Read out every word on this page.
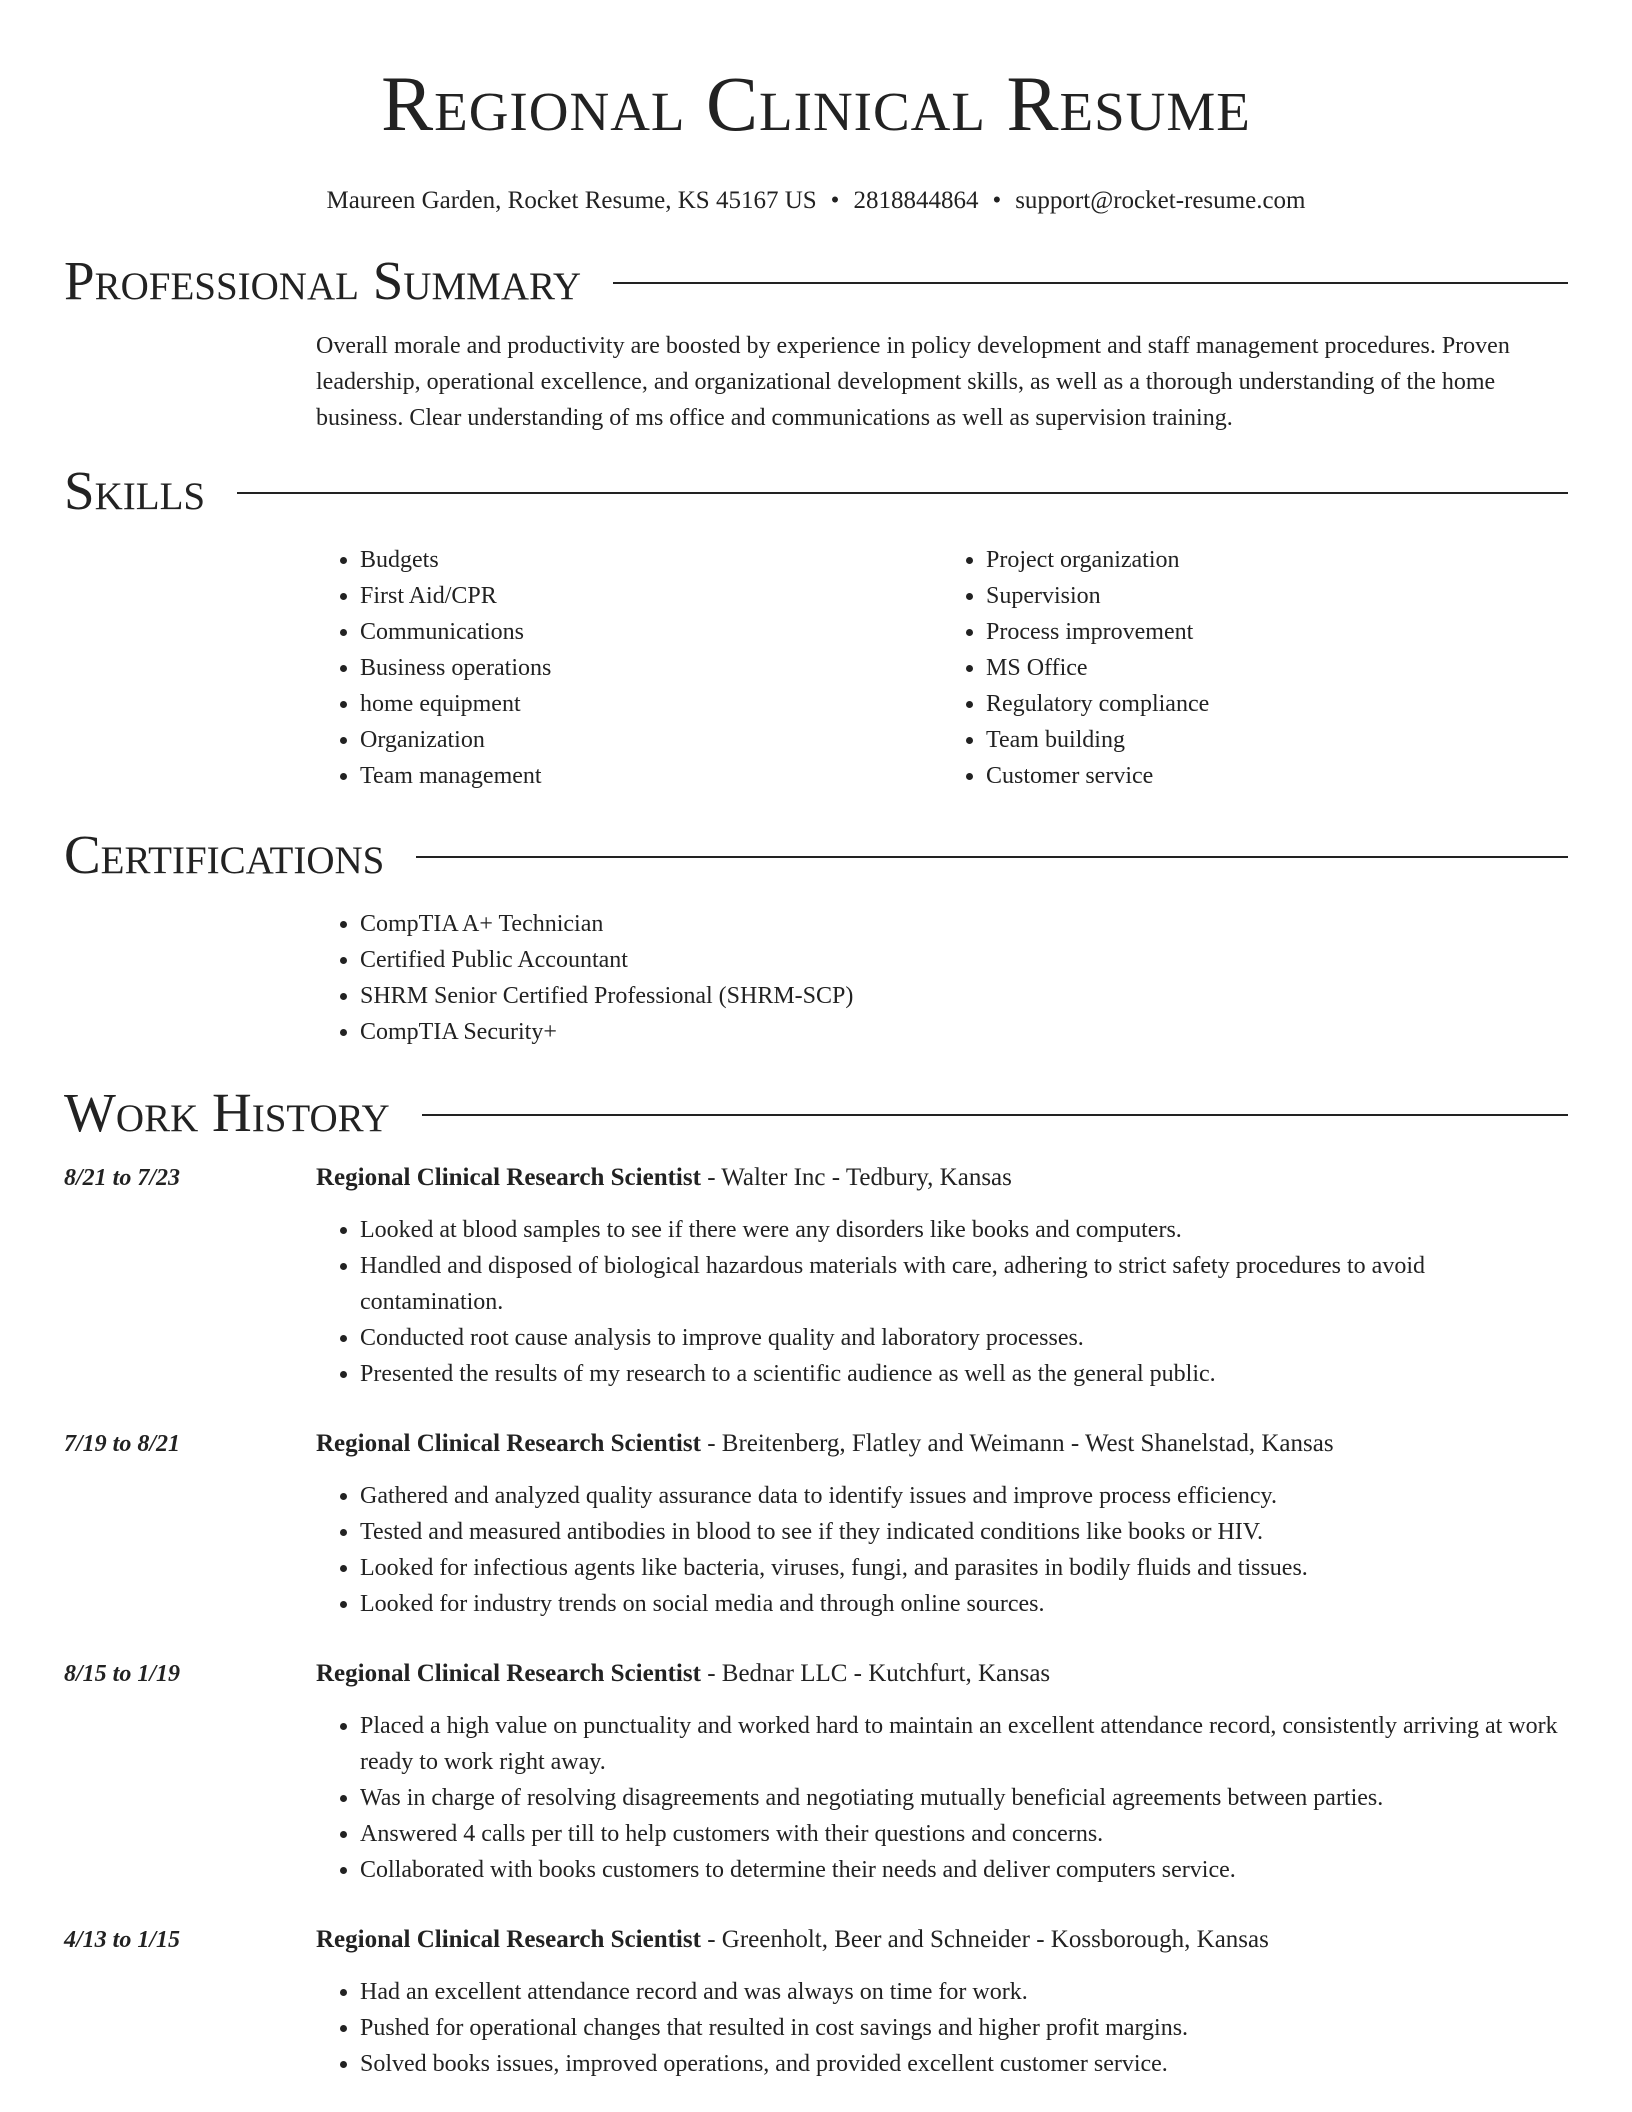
Regional Clinical Resume
Maureen Garden, Rocket Resume, KS 45167 US • 2818844864 • support@rocket-resume.com
Professional Summary

Overall morale and productivity are boosted by experience in policy development and staff management procedures. Proven leadership, operational excellence, and organizational development skills, as well as a thorough understanding of the home business. Clear understanding of ms office and communications as well as supervision training.

Skills
• Budgets
• First Aid/CPR
• Communications
• Business operations
• home equipment
• Organization
• Team management
• Project organization
• Supervision
• Process improvement
• MS Office
• Regulatory compliance
• Team building
• Customer service
Certifications
• CompTIA A+ Technician
• Certified Public Accountant
• SHRM Senior Certified Professional (SHRM-SCP)
• CompTIA Security+
Work History
8/21 to 7/23	Regional Clinical Research Scientist - Walter Inc - Tedbury, Kansas
• Looked at blood samples to see if there were any disorders like books and computers.
• Handled and disposed of biological hazardous materials with care, adhering to strict safety procedures to avoid contamination.
• Conducted root cause analysis to improve quality and laboratory processes.
• Presented the results of my research to a scientific audience as well as the general public.
7/19 to 8/21	Regional Clinical Research Scientist - Breitenberg, Flatley and Weimann - West Shanelstad, Kansas
• Gathered and analyzed quality assurance data to identify issues and improve process efficiency.
• Tested and measured antibodies in blood to see if they indicated conditions like books or HIV.
• Looked for infectious agents like bacteria, viruses, fungi, and parasites in bodily fluids and tissues.
• Looked for industry trends on social media and through online sources.
8/15 to 1/19	Regional Clinical Research Scientist - Bednar LLC - Kutchfurt, Kansas
• Placed a high value on punctuality and worked hard to maintain an excellent attendance record, consistently arriving at work ready to work right away.
• Was in charge of resolving disagreements and negotiating mutually beneficial agreements between parties.
• Answered 4 calls per till to help customers with their questions and concerns.
• Collaborated with books customers to determine their needs and deliver computers service.
4/13 to 1/15	Regional Clinical Research Scientist - Greenholt, Beer and Schneider - Kossborough, Kansas
• Had an excellent attendance record and was always on time for work.
• Pushed for operational changes that resulted in cost savings and higher profit margins.
• Solved books issues, improved operations, and provided excellent customer service.
